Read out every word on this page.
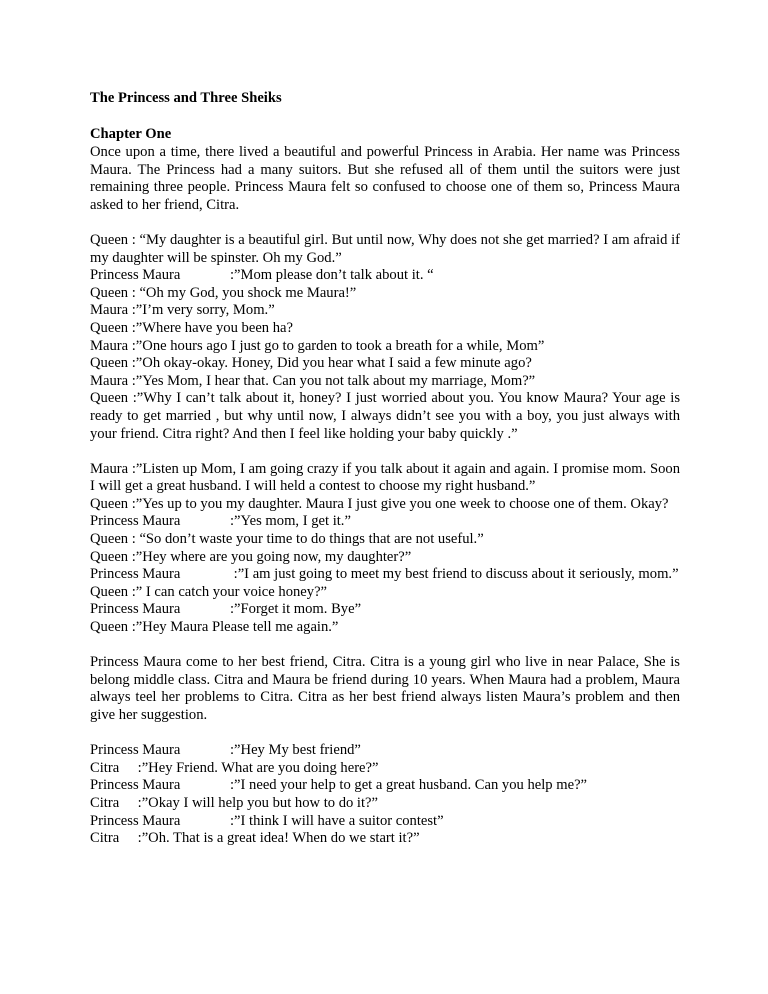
The Princess and Three Sheiks

Chapter One

Once upon a time, there lived a beautiful and powerful Princess in Arabia. Her name was Princess Maura. The Princess had a many suitors. But she refused all of them until the suitors were just remaining three people. Princess Maura felt so confused to choose one of them so, Princess Maura asked to her friend, Citra.

Queen : “My daughter is a beautiful girl. But until now, Why does not she get married? I am afraid if my daughter will be spinster. Oh my God.”

Princess Maura	:”Mom please don’t talk about it. “

Queen : “Oh my God, you shock me Maura!”

Maura :”I’m very sorry, Mom.”

Queen :”Where have you been ha?

Maura :”One hours ago I just go to garden to took a breath for a while, Mom”

Queen :”Oh okay-okay. Honey, Did you hear what I said a few minute ago?

Maura :”Yes Mom, I hear that. Can you not talk about my marriage, Mom?”

Queen :”Why I can’t talk about it, honey? I just worried about you. You know Maura? Your age is ready to get married , but why until now, I always didn’t see you with a boy, you just always with your friend. Citra right? And then I feel like holding your baby quickly .”

Maura :”Listen up Mom, I am going crazy if you talk about it again and again. I promise mom. Soon I will get a great husband. I will held a contest to choose my right husband.”

Queen :”Yes up to you my daughter. Maura I just give you one week to choose one of them. Okay?

Princess Maura	:”Yes mom, I get it.”

Queen : “So don’t waste your time to do things that are not useful.”

Queen :”Hey where are you going now, my daughter?”

Princess Maura	:”I am just going to meet my best friend to discuss about it seriously, mom.”

Queen :” I can catch your voice honey?”

Princess Maura	:”Forget it mom. Bye”

Queen :”Hey Maura Please tell me again.”

Princess Maura come to her best friend, Citra. Citra is a young girl who live in near Palace, She is belong middle class. Citra and Maura be friend during 10 years. When Maura had a problem, Maura always teel her problems to Citra. Citra as her best friend always listen Maura’s problem and then give her suggestion.

Princess Maura	:”Hey My best friend”

Citra :”Hey Friend. What are you doing here?”

Princess Maura	:”I need your help to get a great husband. Can you help me?”

Citra :”Okay I will help you but how to do it?”

Princess Maura	:”I think I will have a suitor contest”

Citra :”Oh. That is a great idea! When do we start it?”
